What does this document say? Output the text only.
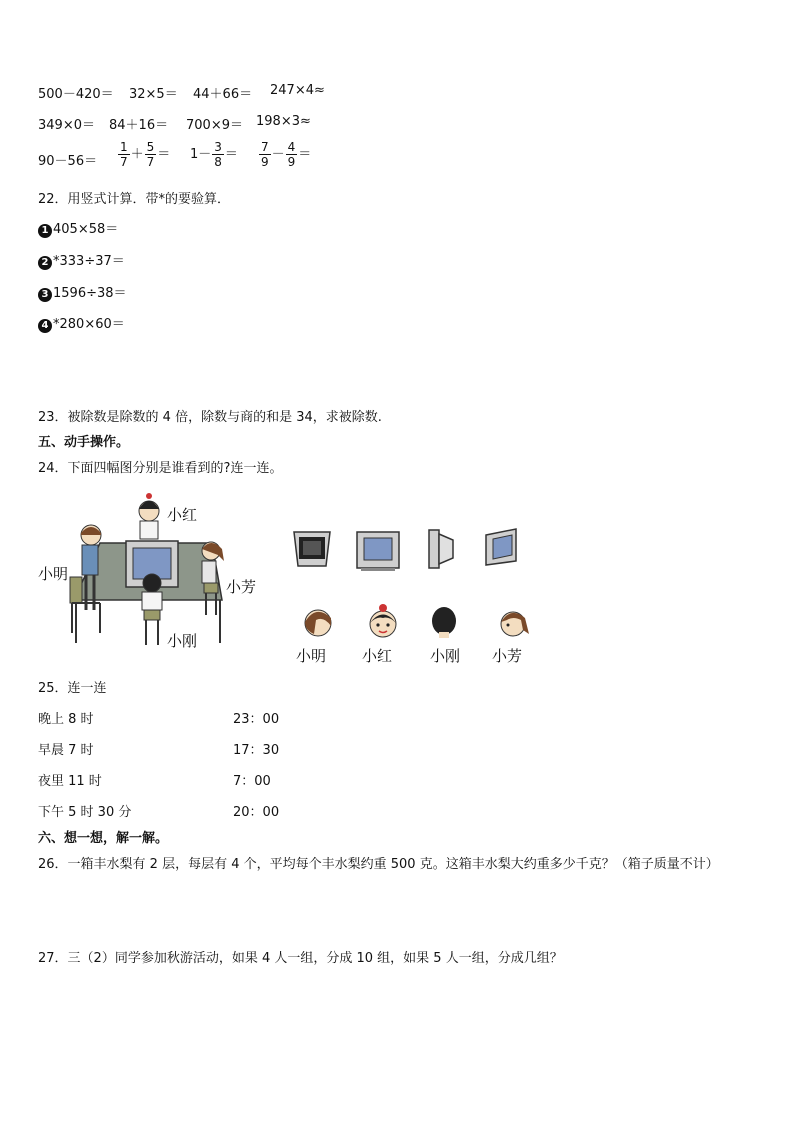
500－420＝ 32×5＝ 44＋66＝ 247×4≈
349×0＝ 84＋16＝ 700×9＝ 198×3≈
$90-56= \frac{1}{7} + \frac{5}{7} = 1- \frac{3}{8} = \frac{7}{9} - \frac{4}{9}$ ＝
22．用竖式计算．带*的要验算．
1 405×58＝
2 *333÷37＝
3 1596÷38＝
4 *280×60＝
23．被除数是除数的 4 倍，除数与商的和是 34，求被除数.
五、动手操作。
24．下面四幅图分别是谁看到的?连一连。
小红
小明
小芳
小刚
小明 小红	小刚 小芳
25．连一连
晚上 8 时
早晨 7 时
夜里 11 时
下午 5 时 30 分
23：00
17：30
7：00
20：00
六、想一想，解一解。
26．一箱丰水梨有 2 层，每层有 4 个，平均每个丰水梨约重 500 克。这箱丰水梨大约重多少千克？（箱子质量不计）
27．三（2）同学参加秋游活动，如果 4 人一组，分成 10 组，如果 5 人一组，分成几组？
